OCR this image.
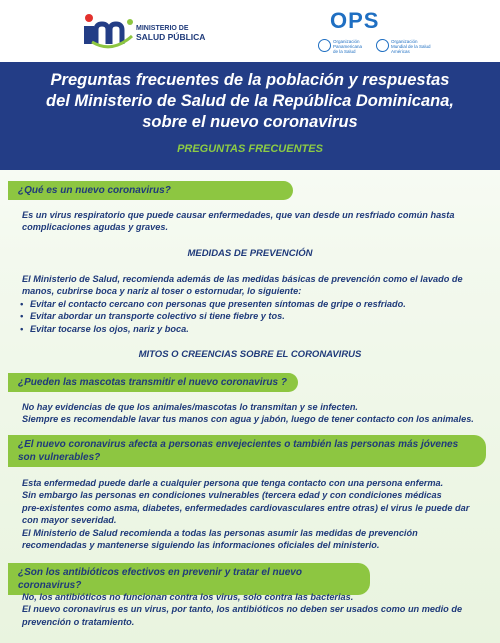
MINISTERIO DE
SALUD PÚBLICA
OPS
Organización
Panamericana
de la Salud
Organización
Mundial de la Salud
Américas
Preguntas frecuentes de la población y respuestas
del Ministerio de Salud de la República Dominicana,
sobre el nuevo coronavirus
PREGUNTAS FRECUENTES
¿Qué es un nuevo coronavirus?
Es un virus respiratorio que puede causar enfermedades, que van desde un resfriado común hasta
complicaciones agudas y graves.
MEDIDAS DE PREVENCIÓN
El Ministerio de Salud, recomienda además de las medidas básicas de prevención como el lavado de
manos, cubrirse boca y nariz al toser o estornudar, lo siguiente:
• Evitar el contacto cercano con personas que presenten síntomas de gripe o resfriado.
• Evitar abordar un transporte colectivo si tiene fiebre y tos.
• Evitar tocarse los ojos, nariz y boca.
MITOS O CREENCIAS SOBRE EL CORONAVIRUS
¿Pueden las mascotas transmitir el nuevo coronavirus ?
No hay evidencias de que los animales/mascotas lo transmitan y se infecten.
Siempre es recomendable lavar tus manos con agua y jabón, luego de tener contacto con los animales.
¿El nuevo coronavirus afecta a personas envejecientes o también las personas más jóvenes
son vulnerables?
Esta enfermedad puede darle a cualquier persona que tenga contacto con una persona enferma.
Sin embargo las personas en condiciones vulnerables (tercera edad y con condiciones médicas
pre-existentes como asma, diabetes, enfermedades cardiovasculares entre otras) el virus le puede dar
con mayor severidad.
El Ministerio de Salud recomienda a todas las personas asumir las medidas de prevención
recomendadas y mantenerse siguiendo las informaciones oficiales del ministerio.
¿Son los antibióticos efectivos en prevenir y tratar el nuevo coronavirus?
No, los antibióticos no funcionan contra los virus, solo contra las bacterias.
El nuevo coronavirus es un virus, por tanto, los antibióticos no deben ser usados como un medio de
prevención o tratamiento.
